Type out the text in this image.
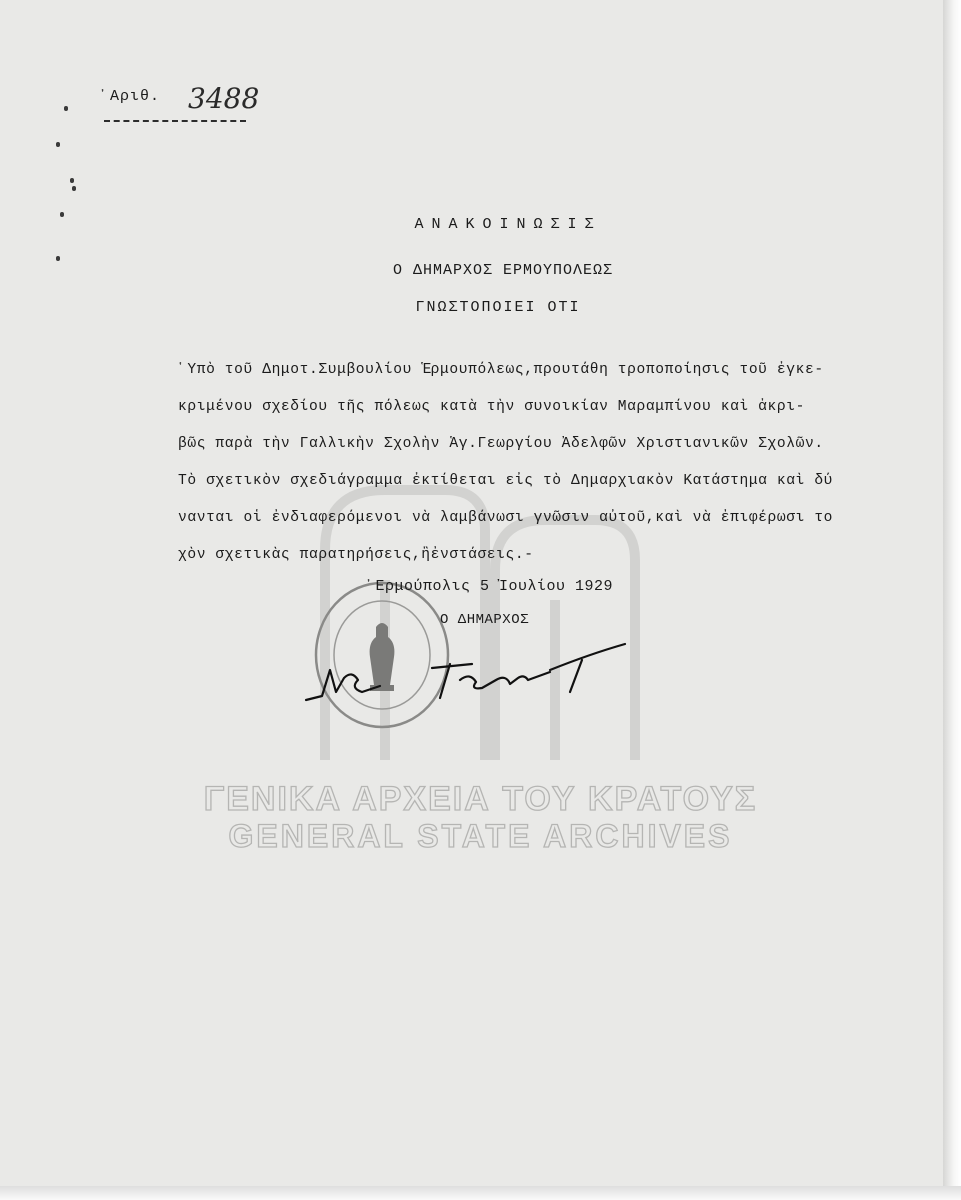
᾿Αριθ. 3488
ΑΝΑΚΟΙΝΩΣΙΣ
Ο ΔΗΜΑΡΧΟΣ ΕΡΜΟΥΠΟΛΕΩΣ
ΓΝΩΣΤΟΠΟΙΕΙ ΟΤΙ
῾Υπὸ τοῦ Δημοτ.Συμβουλίου Ἑρμουπόλεως,προυτάθη τροποποίησις τοῦ ἐγκε-
κριμένου σχεδίου τῆς πόλεως κατὰ τὴν συνοικίαν Μαραμπίνου καὶ ἀκρι-
βῶς παρὰ τὴν Γαλλικὴν Σχολὴν Ἁγ.Γεωργίου Ἀδελφῶν Χριστιανικῶν Σχολῶν.
Τὸ σχετικὸν σχεδιάγραμμα ἐκτίθεται εἰς τὸ Δημαρχιακὸν Κατάστημα καὶ δύ
νανται οἱ ἐνδιαφερόμενοι νὰ λαμβάνωσι γνῶσιν αὐτοῦ,καὶ νὰ ἐπιφέρωσι το
χὸν σχετικὰς παρατηρήσεις,ἢἐνστάσεις.-
᾿Ερμούπολις 5 Ἰουλίου 1929
Ο ΔΗΜΑΡΧΟΣ
ΓΕΝΙΚΑ ΑΡΧΕΙΑ ΤΟΥ ΚΡΑΤΟΥΣ
GENERAL STATE ARCHIVES
